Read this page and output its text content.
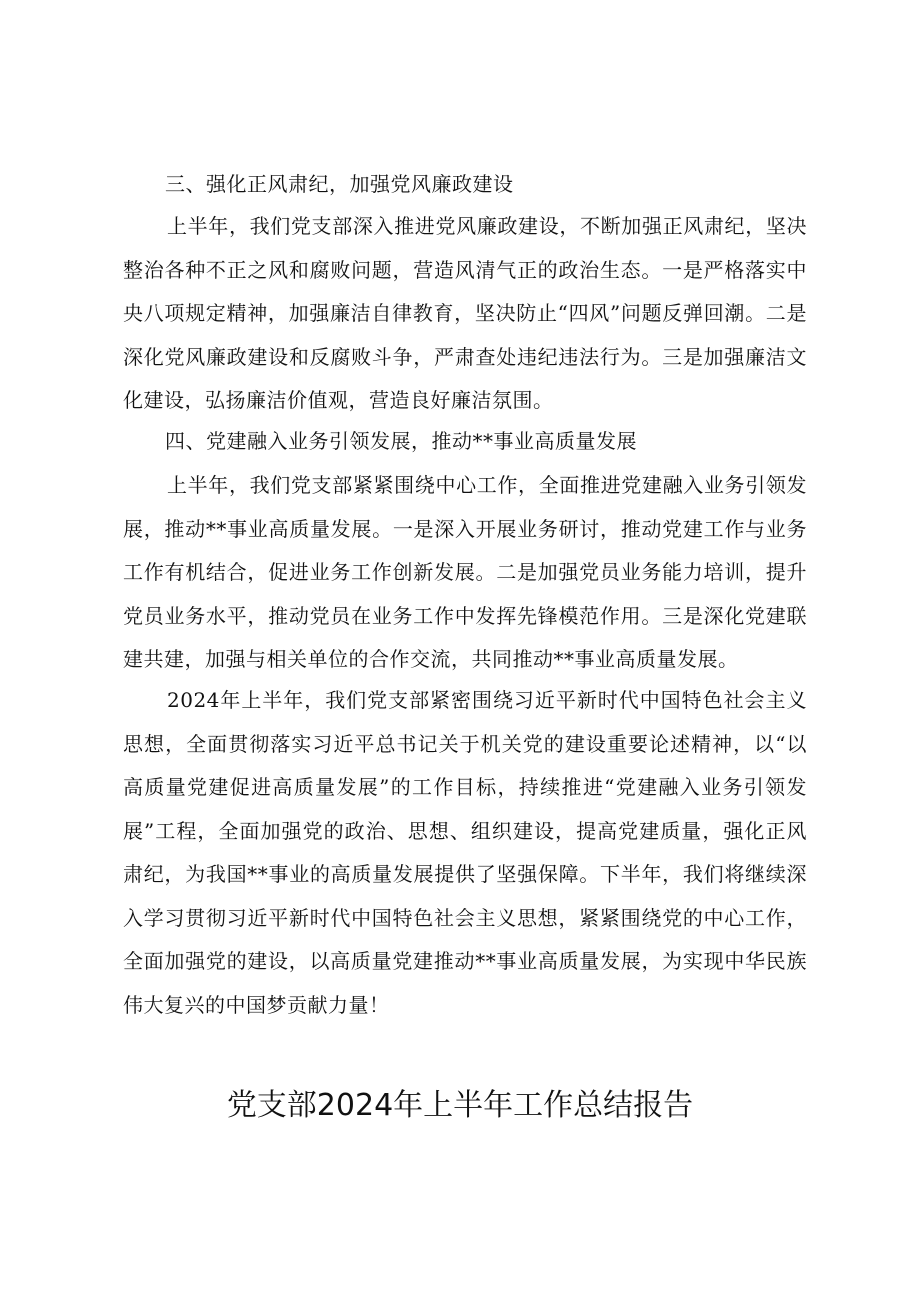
三、强化正风肃纪，加强党风廉政建设

上半年，我们党支部深入推进党风廉政建设，不断加强正风肃纪，坚决整治各种不正之风和腐败问题，营造风清气正的政治生态。一是严格落实中央八项规定精神，加强廉洁自律教育，坚决防止“四风”问题反弹回潮。二是深化党风廉政建设和反腐败斗争，严肃查处违纪违法行为。三是加强廉洁文化建设，弘扬廉洁价值观，营造良好廉洁氛围。

四、党建融入业务引领发展，推动**事业高质量发展

上半年，我们党支部紧紧围绕中心工作，全面推进党建融入业务引领发展，推动**事业高质量发展。一是深入开展业务研讨，推动党建工作与业务工作有机结合，促进业务工作创新发展。二是加强党员业务能力培训，提升党员业务水平，推动党员在业务工作中发挥先锋模范作用。三是深化党建联建共建，加强与相关单位的合作交流，共同推动**事业高质量发展。

2024年上半年，我们党支部紧密围绕习近平新时代中国特色社会主义思想，全面贯彻落实习近平总书记关于机关党的建设重要论述精神，以“以高质量党建促进高质量发展”的工作目标，持续推进“党建融入业务引领发展”工程，全面加强党的政治、思想、组织建设，提高党建质量，强化正风肃纪，为我国**事业的高质量发展提供了坚强保障。下半年，我们将继续深入学习贯彻习近平新时代中国特色社会主义思想，紧紧围绕党的中心工作，全面加强党的建设，以高质量党建推动**事业高质量发展，为实现中华民族伟大复兴的中国梦贡献力量！

党支部2024年上半年工作总结报告
